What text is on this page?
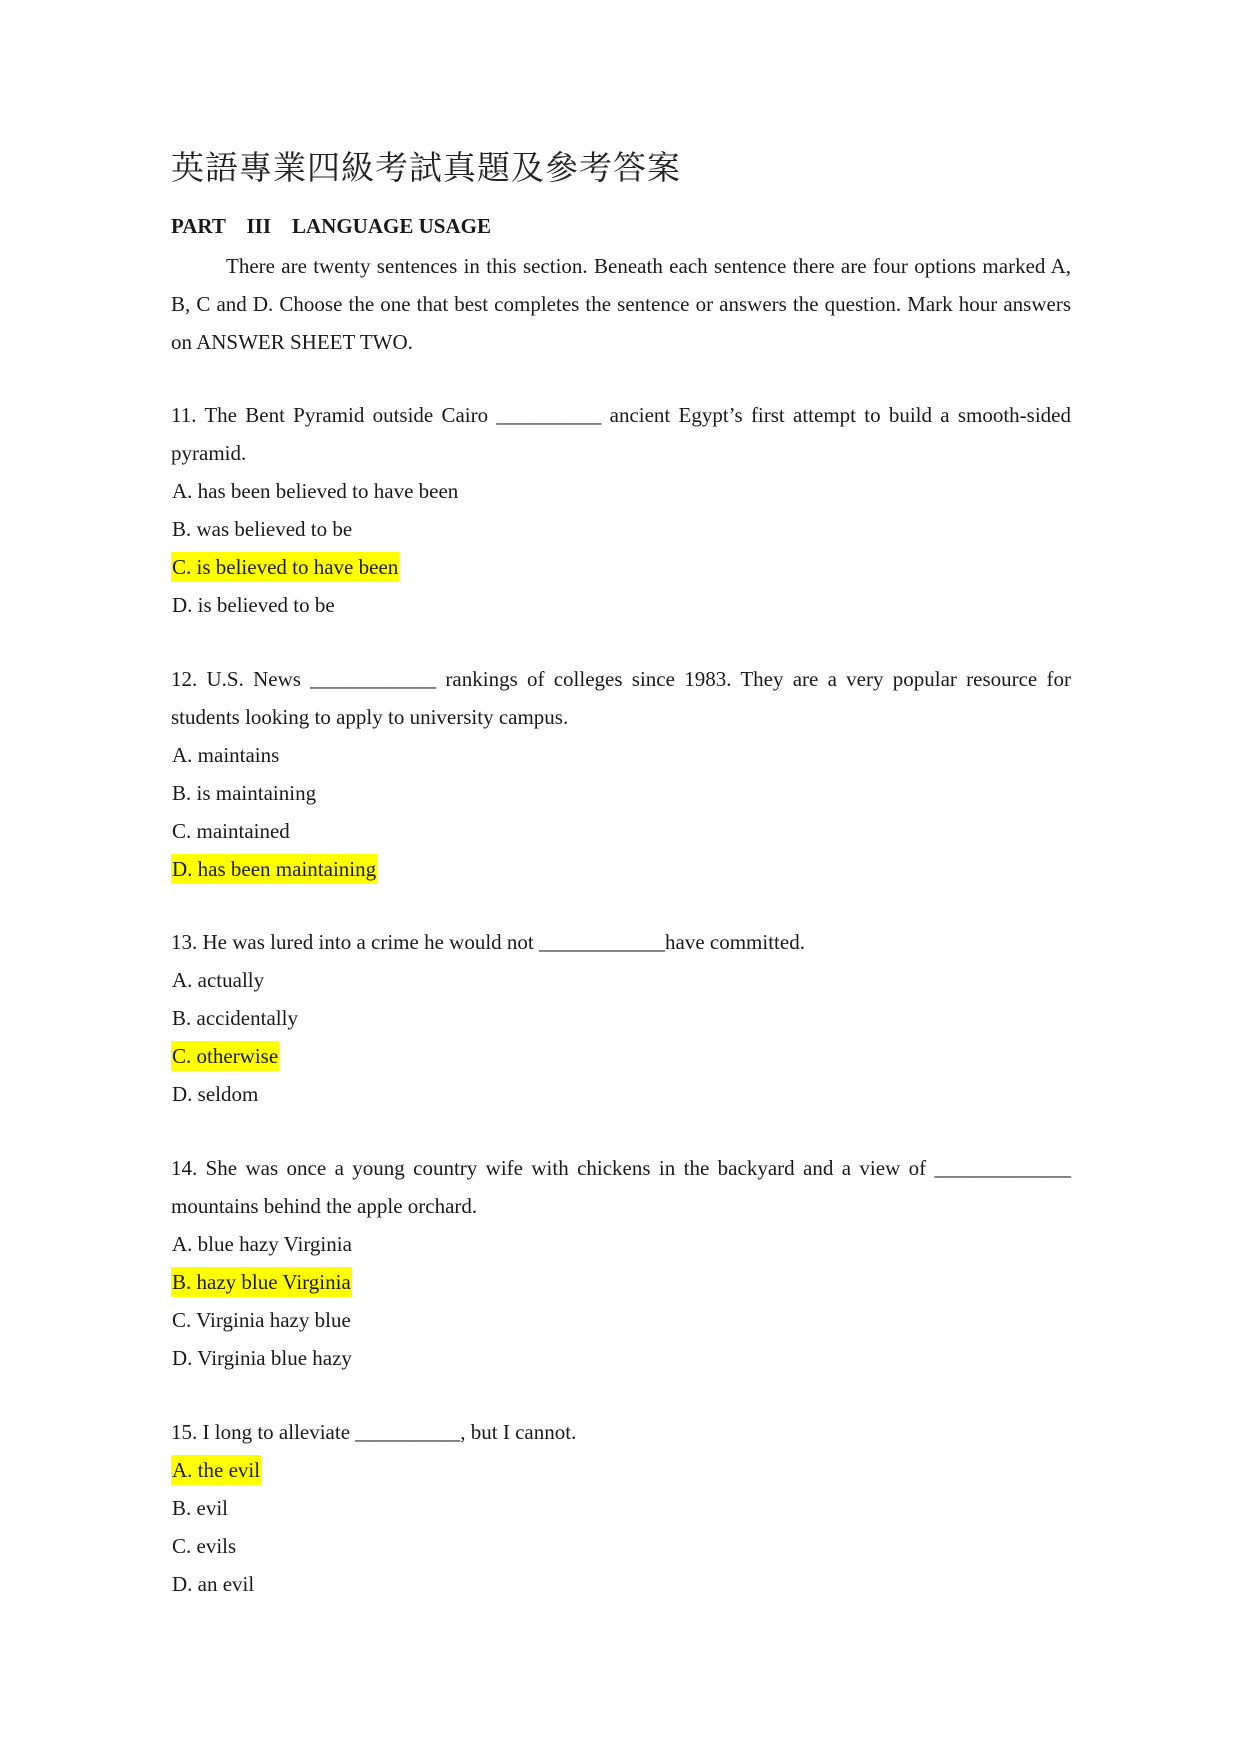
英語專業四級考試真題及參考答案
PART    III    LANGUAGE USAGE

There are twenty sentences in this section. Beneath each sentence there are four options marked A, B, C and D. Choose the one that best completes the sentence or answers the question. Mark hour answers on ANSWER SHEET TWO.

11. The Bent Pyramid outside Cairo __________ ancient Egypt’s first attempt to build a smooth-sided pyramid.

A. has been believed to have been

B. was believed to be

C. is believed to have been

D. is believed to be

12. U.S. News ____________ rankings of colleges since 1983. They are a very popular resource for students looking to apply to university campus.

A. maintains

B. is maintaining

C. maintained

D. has been maintaining

13. He was lured into a crime he would not ____________have committed.

A. actually

B. accidentally

C. otherwise

D. seldom

14. She was once a young country wife with chickens in the backyard and a view of _____________ mountains behind the apple orchard.

A. blue hazy Virginia

B. hazy blue Virginia

C. Virginia hazy blue

D. Virginia blue hazy

15. I long to alleviate __________, but I cannot.

A. the evil

B. evil

C. evils

D. an evil
